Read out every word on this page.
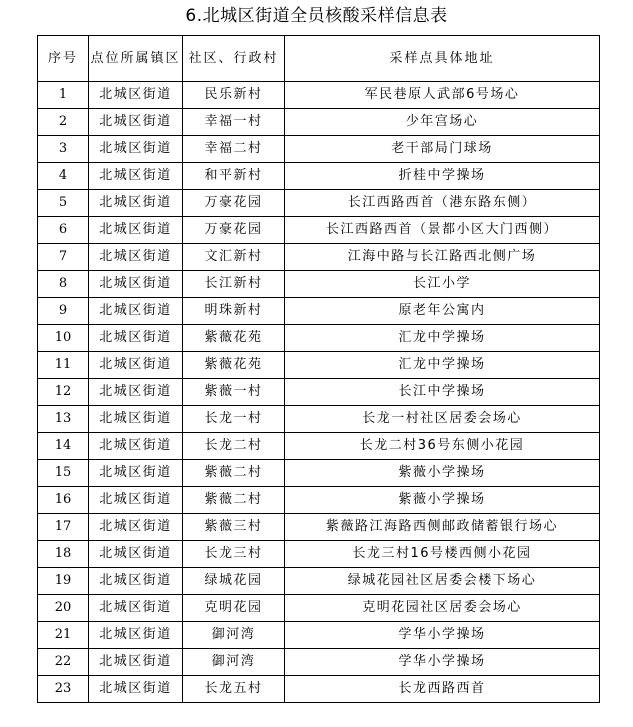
6.北城区街道全员核酸采样信息表
序号	点位所属镇区	社区、行政村	采样点具体地址
1	北城区街道	民乐新村	军民巷原人武部6号场心
2	北城区街道	幸福一村	少年宫场心
3	北城区街道	幸福二村	老干部局门球场
4	北城区街道	和平新村	折桂中学操场
5	北城区街道	万豪花园	长江西路西首（港东路东侧）
6	北城区街道	万豪花园	长江西路西首（景都小区大门西侧）
7	北城区街道	文汇新村	江海中路与长江路西北侧广场
8	北城区街道	长江新村	长江小学
9	北城区街道	明珠新村	原老年公寓内
10	北城区街道	紫薇花苑	汇龙中学操场
11	北城区街道	紫薇花苑	汇龙中学操场
12	北城区街道	紫薇一村	长江中学操场
13	北城区街道	长龙一村	长龙一村社区居委会场心
14	北城区街道	长龙二村	长龙二村36号东侧小花园
15	北城区街道	紫薇二村	紫薇小学操场
16	北城区街道	紫薇二村	紫薇小学操场
17	北城区街道	紫薇三村	紫薇路江海路西侧邮政储蓄银行场心
18	北城区街道	长龙三村	长龙三村16号楼西侧小花园
19	北城区街道	绿城花园	绿城花园社区居委会楼下场心
20	北城区街道	克明花园	克明花园社区居委会场心
21	北城区街道	御河湾	学华小学操场
22	北城区街道	御河湾	学华小学操场
23	北城区街道	长龙五村	长龙西路西首
